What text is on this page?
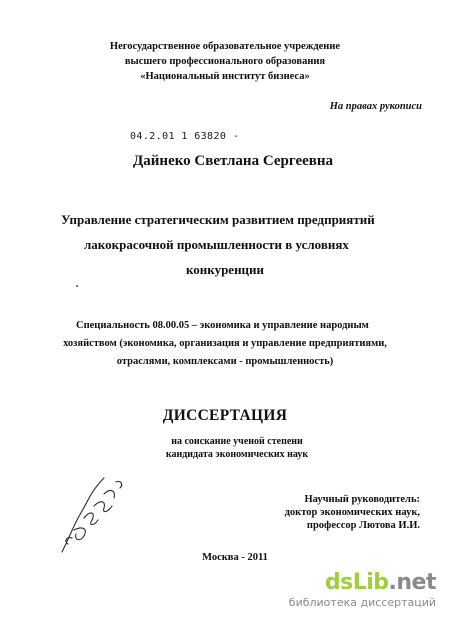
Негосударственное образовательное учреждение
высшего профессионального образования
«Национальный институт бизнеса»
На правах рукописи
04.2.01 1 63820 -
Дайнеко Светлана Сергеевна
Управление стратегическим развитием предприятий
лакокрасочной промышленности в условиях
конкуренции
Специальность 08.00.05 – экономика и управление народным
хозяйством (экономика, организация и управление предприятиями,
отраслями, комплексами - промышленность)
ДИССЕРТАЦИЯ
на соискание ученой степени
кандидата экономических наук
Научный руководитель:
доктор экономических наук,
профессор Лютова И.И.
Москва - 2011
dsLib.net
библиотека диссертаций
